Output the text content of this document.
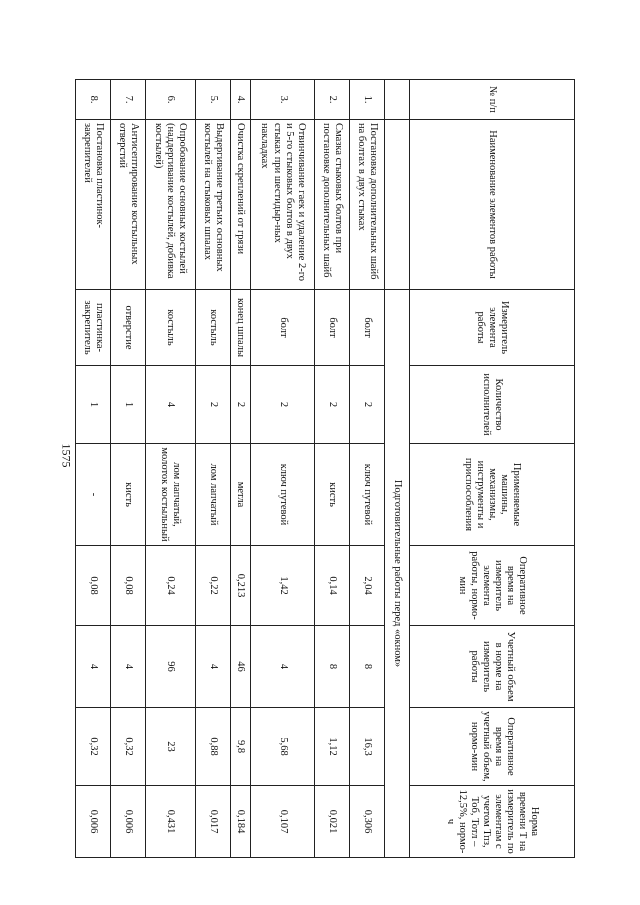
1575
№ п/п	Наименование элементов работы	Измеритель элемента работы	Количество исполнителей	Применяемые машины, механизмы, инструменты и приспособления	Оперативное время на измеритель элемента работы, нормо-мин	Учетный объем в норме на измеритель работы	Оперативное время на учетный объем, нормо-мин	Норма времени Т на измеритель по элементам с учетом Тпз, Тоб, Тотл – 12,5%, нормо-ч
		Подготовительные работы перед «окном»						
1.	Постановка дополнительных шайб на болтах в двух стыках	болт	2	ключ путевой	2,04	8	16,3	0,306
2.	Смазка стыковых болтов при постановке дополнительных шайб	болт	2	кисть	0,14	8	1,12	0,021
3.	Отвинчивание гаек и удаление 2-го и 5-го стыковых болтов в двух стыках при шестидыр-ных накладках	болт	2	ключ путевой	1,42	4	5,68	0,107
4.	Очистка скреплений от грязи	конец шпалы	2	метла	0,213	46	9,8	0,184
5.	Выдергивание третьих основных костылей на стыковых шпалах	костыль	2	лом лапчатый	0,22	4	0,88	0,017
6.	Опробование основных костылей (наддергивание костылей, добивка костылей)	костыль	4	лом лапчатый, молоток костыльный	0,24	96	23	0,431
7.	Антисептирование костыльных отверстий	отверстие	1	кисть	0,08	4	0,32	0,006
8.	Постановка пластинок-закрепителей	пластинка-закрепитель	1	-	0,08	4	0,32	0,006
